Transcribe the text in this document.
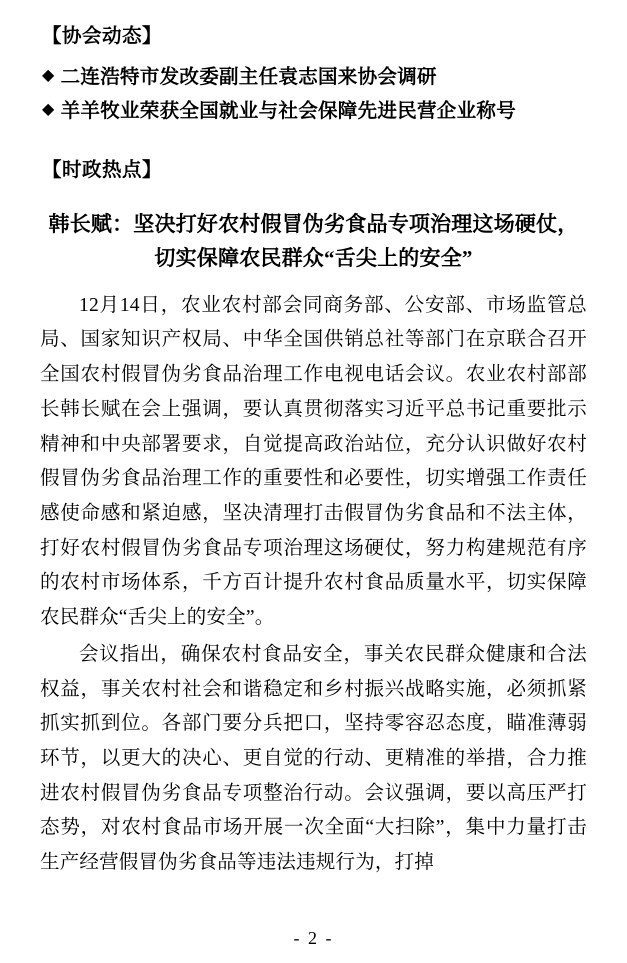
【协会动态】
◆ 二连浩特市发改委副主任袁志国来协会调研
◆ 羊羊牧业荣获全国就业与社会保障先进民营企业称号
【时政热点】
韩长赋：坚决打好农村假冒伪劣食品专项治理这场硬仗，切实保障农民群众“舌尖上的安全”

12月14日，农业农村部会同商务部、公安部、市场监管总局、国家知识产权局、中华全国供销总社等部门在京联合召开全国农村假冒伪劣食品治理工作电视电话会议。农业农村部部长韩长赋在会上强调，要认真贯彻落实习近平总书记重要批示精神和中央部署要求，自觉提高政治站位，充分认识做好农村假冒伪劣食品治理工作的重要性和必要性，切实增强工作责任感使命感和紧迫感，坚决清理打击假冒伪劣食品和不法主体，打好农村假冒伪劣食品专项治理这场硬仗，努力构建规范有序的农村市场体系，千方百计提升农村食品质量水平，切实保障农民群众“舌尖上的安全”。

会议指出，确保农村食品安全，事关农民群众健康和合法权益，事关农村社会和谐稳定和乡村振兴战略实施，必须抓紧抓实抓到位。各部门要分兵把口，坚持零容忍态度，瞄准薄弱环节，以更大的决心、更自觉的行动、更精准的举措，合力推进农村假冒伪劣食品专项整治行动。会议强调，要以高压严打态势，对农村食品市场开展一次全面“大扫除”，集中力量打击生产经营假冒伪劣食品等违法违规行为，打掉

- 2 -
